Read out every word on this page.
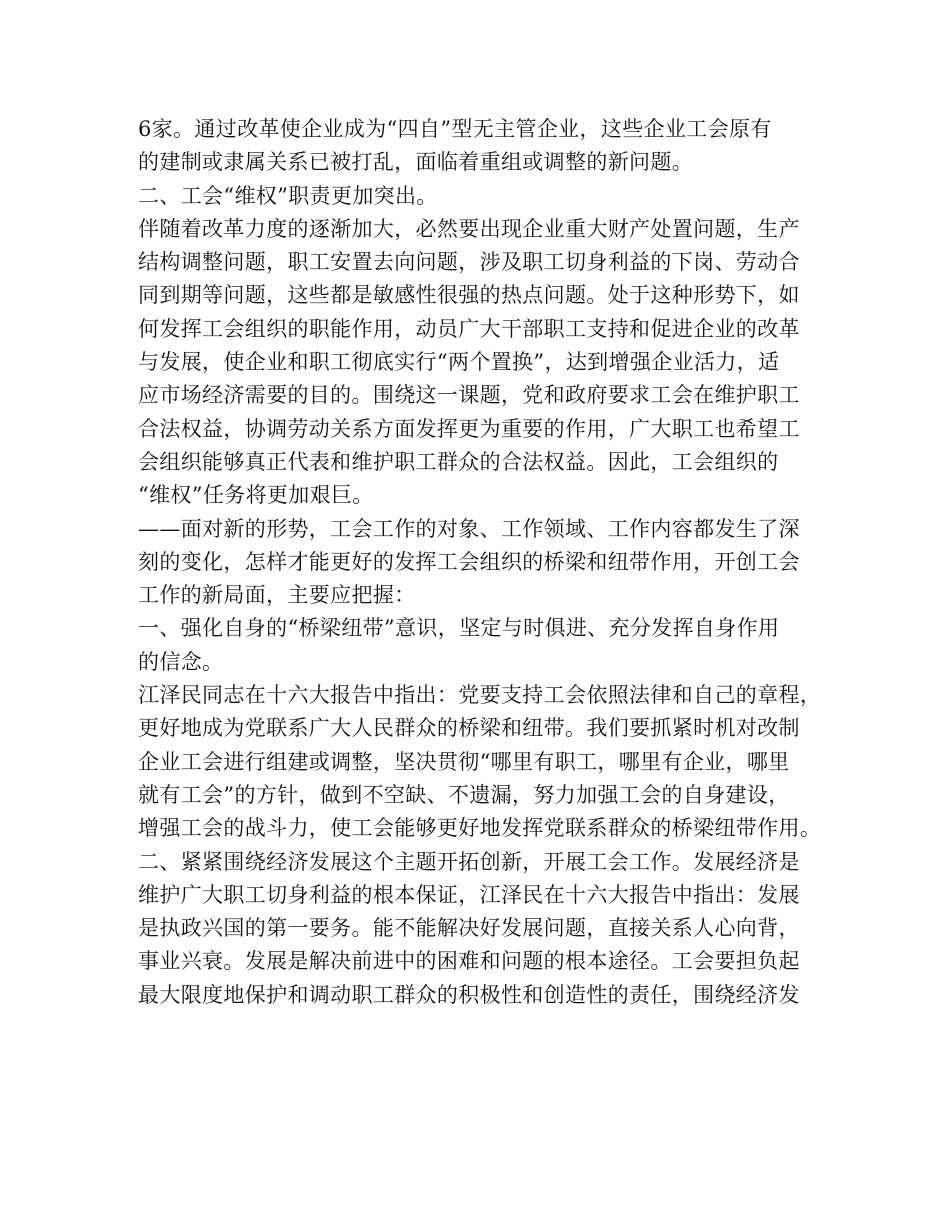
6家。通过改革使企业成为“四自”型无主管企业，这些企业工会原有
的建制或隶属关系已被打乱，面临着重组或调整的新问题。
二、工会“维权”职责更加突出。
伴随着改革力度的逐渐加大，必然要出现企业重大财产处置问题，生产
结构调整问题，职工安置去向问题，涉及职工切身利益的下岗、劳动合
同到期等问题，这些都是敏感性很强的热点问题。处于这种形势下，如
何发挥工会组织的职能作用，动员广大干部职工支持和促进企业的改革
与发展，使企业和职工彻底实行“两个置换”，达到增强企业活力，适
应市场经济需要的目的。围绕这一课题，党和政府要求工会在维护职工
合法权益，协调劳动关系方面发挥更为重要的作用，广大职工也希望工
会组织能够真正代表和维护职工群众的合法权益。因此，工会组织的
“维权”任务将更加艰巨。
——面对新的形势，工会工作的对象、工作领域、工作内容都发生了深
刻的变化，怎样才能更好的发挥工会组织的桥梁和纽带作用，开创工会
工作的新局面，主要应把握：
一、强化自身的“桥梁纽带”意识，坚定与时俱进、充分发挥自身作用
的信念。
江泽民同志在十六大报告中指出：党要支持工会依照法律和自己的章程，
更好地成为党联系广大人民群众的桥梁和纽带。我们要抓紧时机对改制
企业工会进行组建或调整，坚决贯彻“哪里有职工，哪里有企业，哪里
就有工会”的方针，做到不空缺、不遗漏，努力加强工会的自身建设，
增强工会的战斗力，使工会能够更好地发挥党联系群众的桥梁纽带作用。
二、紧紧围绕经济发展这个主题开拓创新，开展工会工作。发展经济是
维护广大职工切身利益的根本保证，江泽民在十六大报告中指出：发展
是执政兴国的第一要务。能不能解决好发展问题，直接关系人心向背，
事业兴衰。发展是解决前进中的困难和问题的根本途径。工会要担负起
最大限度地保护和调动职工群众的积极性和创造性的责任，围绕经济发
